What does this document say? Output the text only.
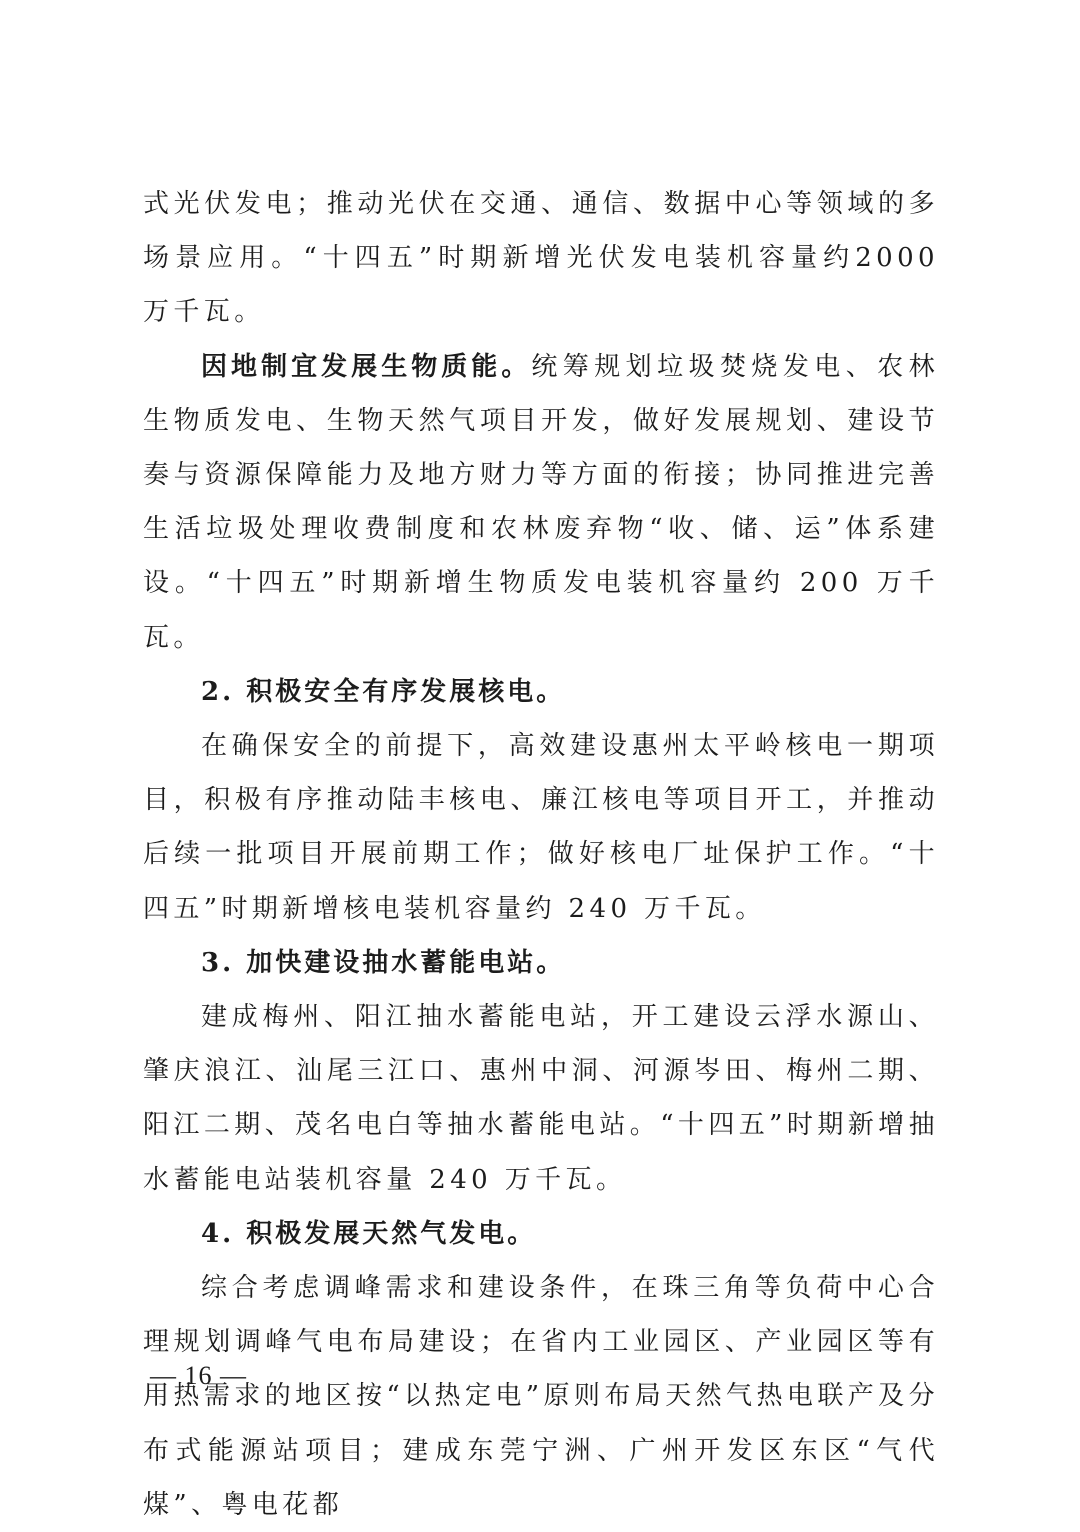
式光伏发电；推动光伏在交通、通信、数据中心等领域的多场景应用。“十四五”时期新增光伏发电装机容量约2000 万千瓦。

因地制宜发展生物质能。统筹规划垃圾焚烧发电、农林生物质发电、生物天然气项目开发，做好发展规划、建设节奏与资源保障能力及地方财力等方面的衔接；协同推进完善生活垃圾处理收费制度和农林废弃物“收、储、运”体系建设。“十四五”时期新增生物质发电装机容量约 200 万千瓦。

2. 积极安全有序发展核电。

在确保安全的前提下，高效建设惠州太平岭核电一期项目，积极有序推动陆丰核电、廉江核电等项目开工，并推动后续一批项目开展前期工作；做好核电厂址保护工作。“十四五”时期新增核电装机容量约 240 万千瓦。

3. 加快建设抽水蓄能电站。

建成梅州、阳江抽水蓄能电站，开工建设云浮水源山、肇庆浪江、汕尾三江口、惠州中洞、河源岑田、梅州二期、阳江二期、茂名电白等抽水蓄能电站。“十四五”时期新增抽水蓄能电站装机容量 240 万千瓦。

4. 积极发展天然气发电。

综合考虑调峰需求和建设条件，在珠三角等负荷中心合理规划调峰气电布局建设；在省内工业园区、产业园区等有用热需求的地区按“以热定电”原则布局天然气热电联产及分布式能源站项目；建成东莞宁洲、广州开发区东区“气代煤”、粤电花都

— 16 —
